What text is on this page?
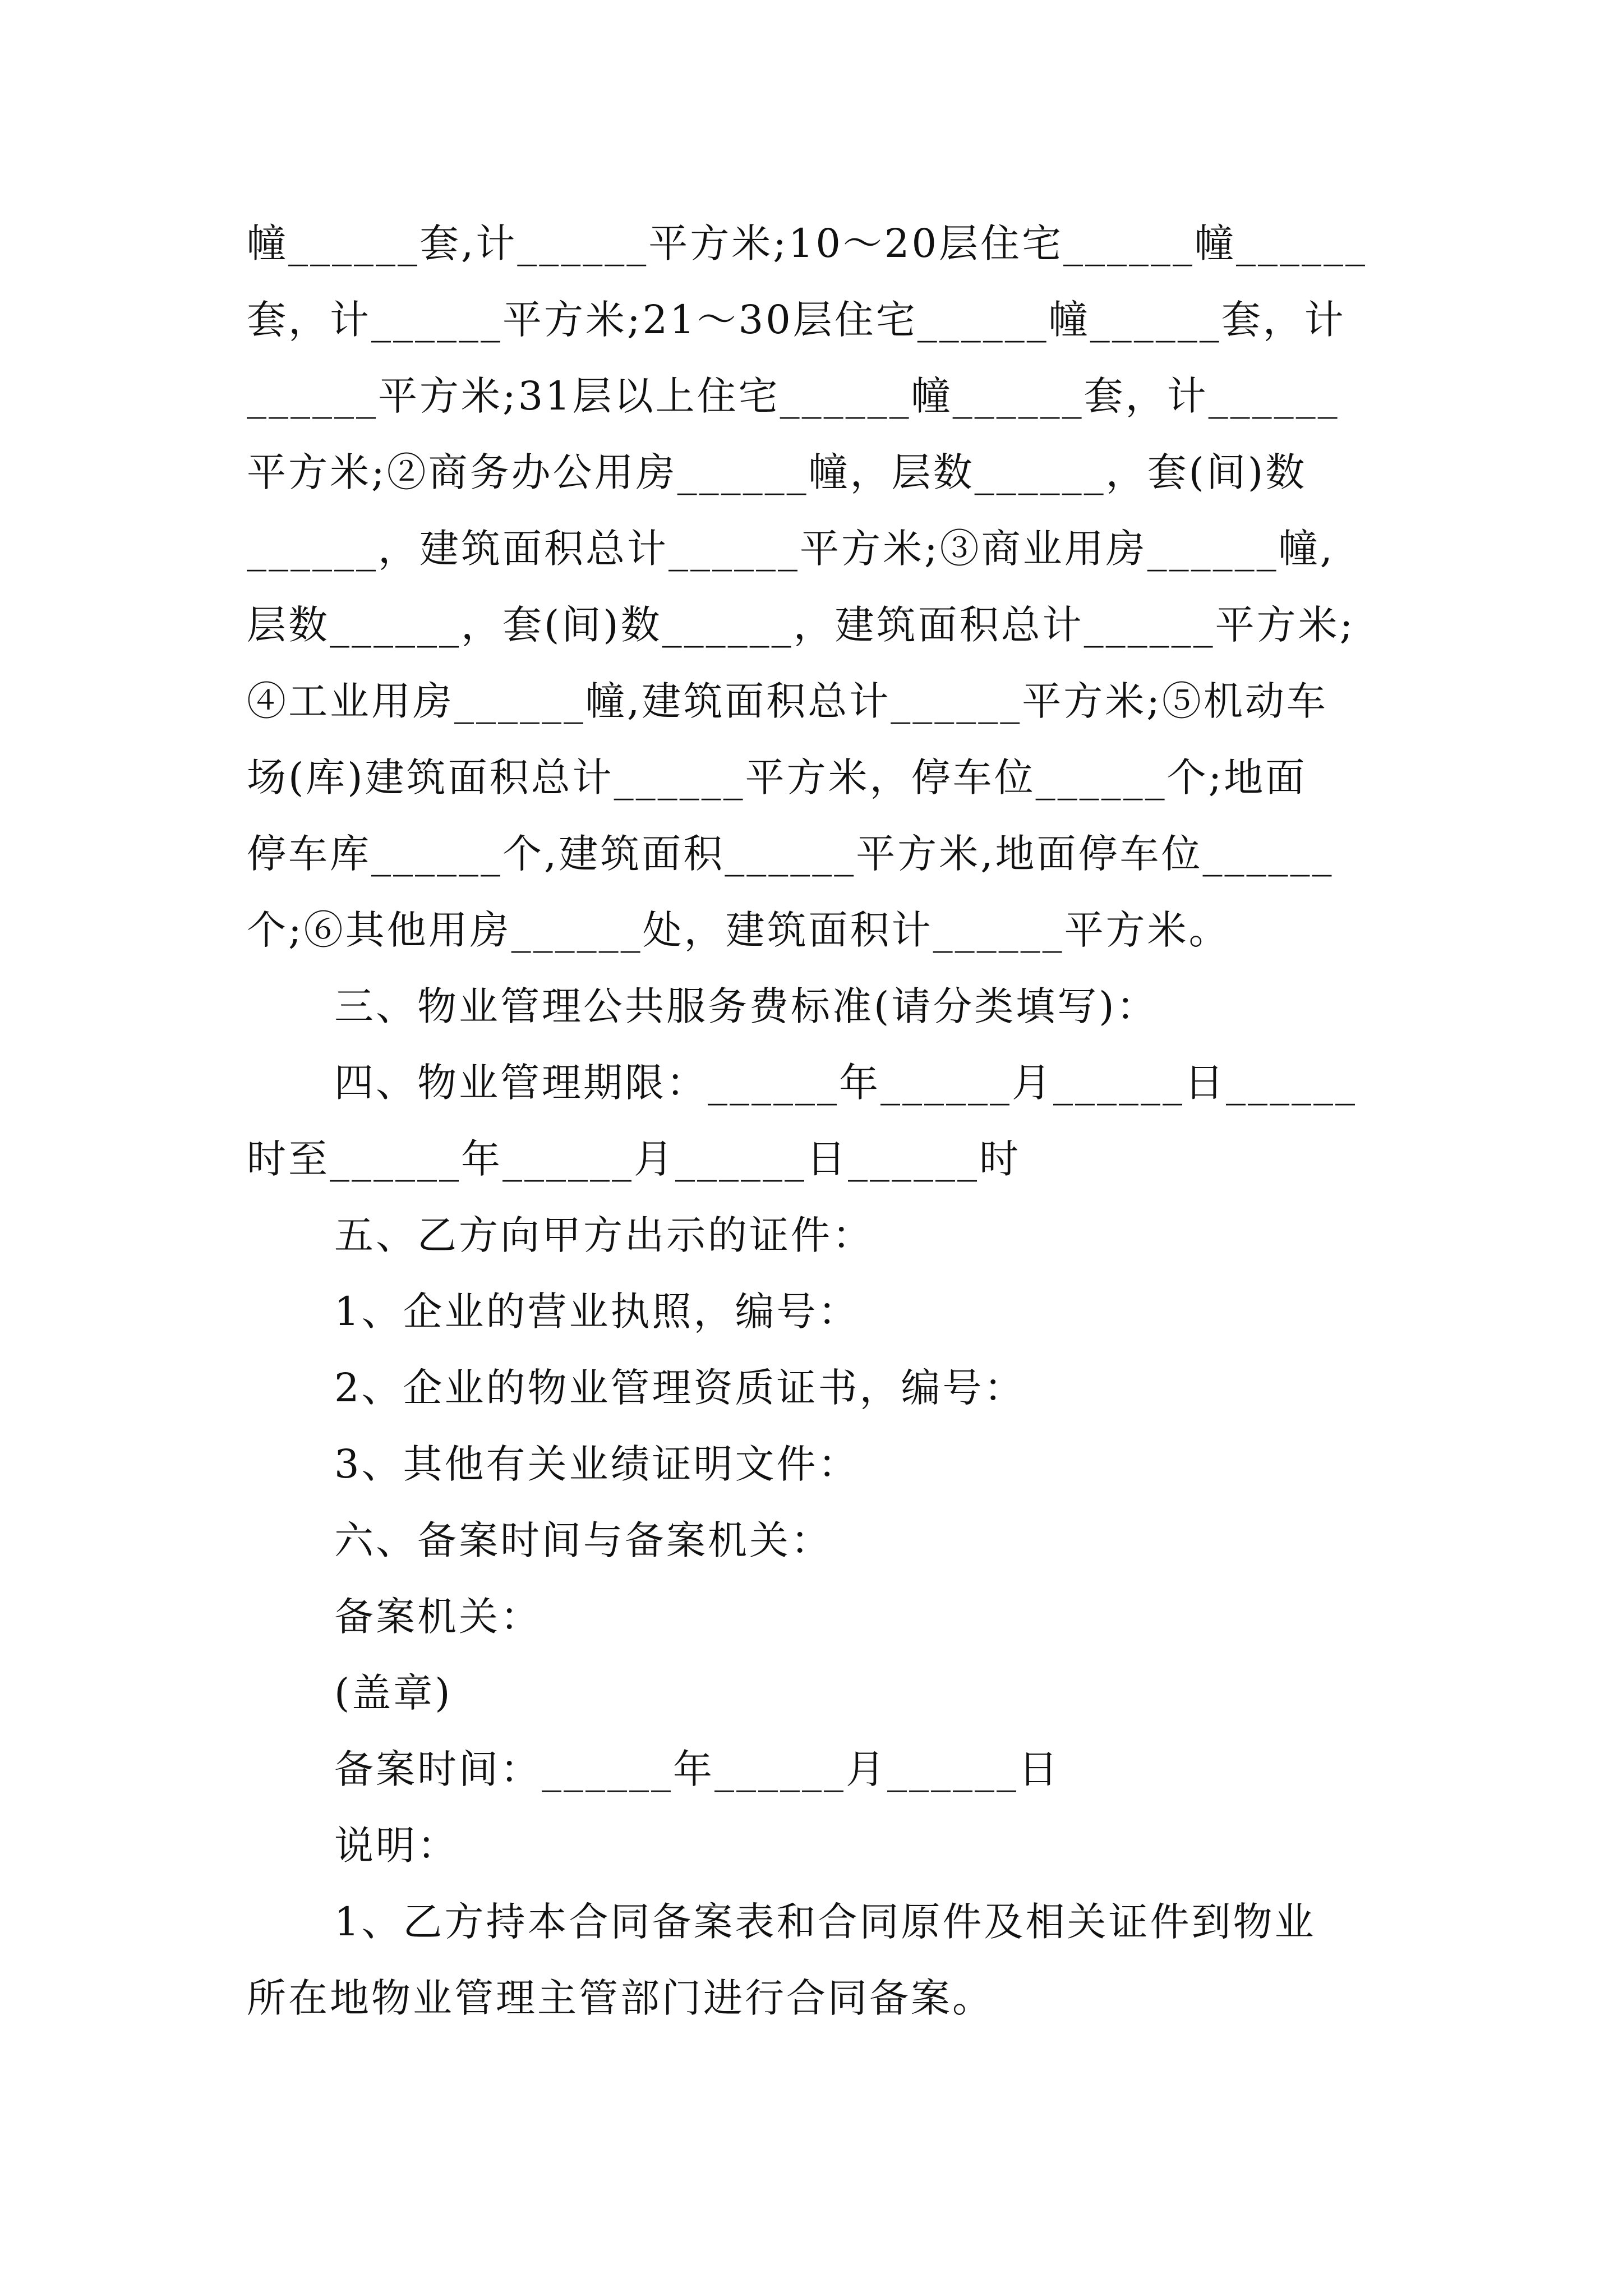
幢______套,计______平方米;10～20层住宅______幢______
套，计______平方米;21～30层住宅______幢______套，计
______平方米;31层以上住宅______幢______套，计______
平方米;②商务办公用房______幢，层数______，套(间)数
______，建筑面积总计______平方米;③商业用房______幢,
层数______，套(间)数______，建筑面积总计______平方米;
④工业用房______幢,建筑面积总计______平方米;⑤机动车
场(库)建筑面积总计______平方米，停车位______个;地面
停车库______个,建筑面积______平方米,地面停车位______
个;⑥其他用房______处，建筑面积计______平方米。
三、物业管理公共服务费标准(请分类填写)：
四、物业管理期限：______年______月______日______
时至______年______月______日______时
五、乙方向甲方出示的证件：
1、企业的营业执照，编号：
2、企业的物业管理资质证书，编号：
3、其他有关业绩证明文件：
六、备案时间与备案机关：
备案机关：
(盖章)
备案时间：______年______月______日
说明：
1、乙方持本合同备案表和合同原件及相关证件到物业
所在地物业管理主管部门进行合同备案。
